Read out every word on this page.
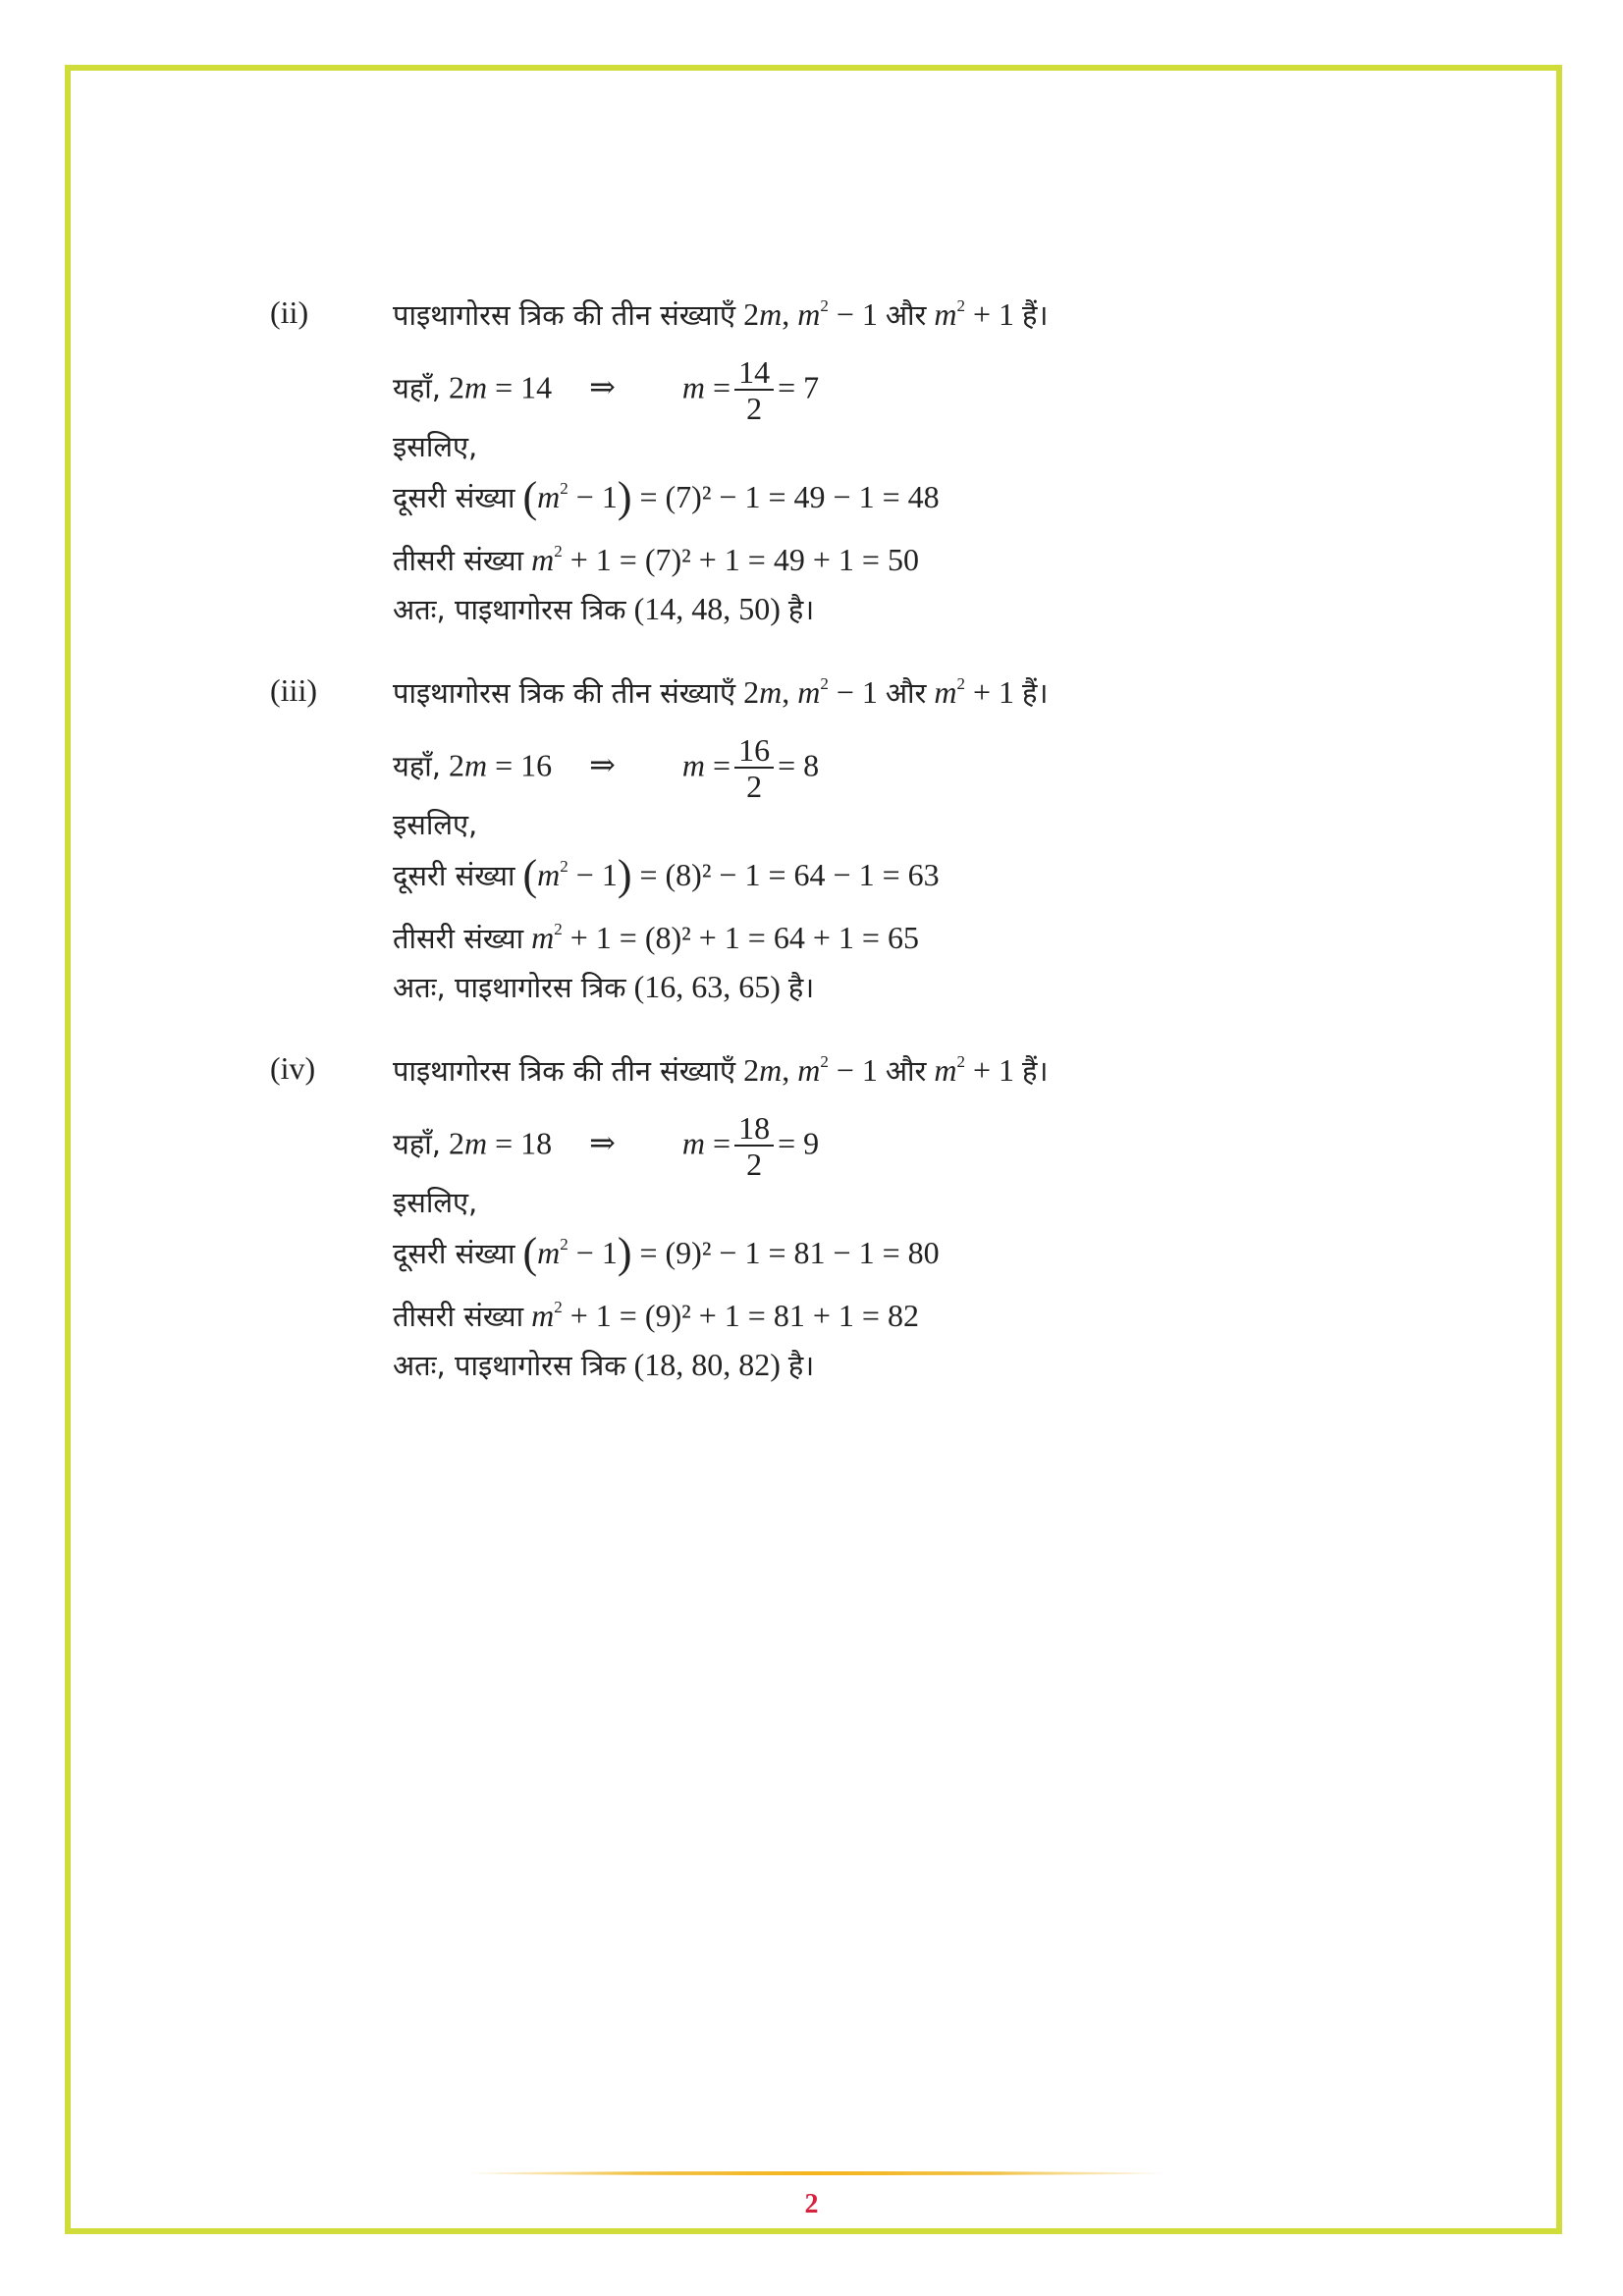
(ii)	पाइथागोरस त्रिक की तीन संख्याएँ 2m, $m^2 - 1$ और $m^2 + 1$ हैं।
यहाँ, 2m = 14 ⇒ $m = \frac{14}{2} = 7$
इसलिए,
दूसरी संख्या $(m^2 - 1) = (7)^2 - 1 = 49 - 1 = 48$
तीसरी संख्या $m^2 + 1 = (7)^2 + 1 = 49 + 1 = 50$
अतः, पाइथागोरस त्रिक (14, 48, 50) है।
(iii)	पाइथागोरस त्रिक की तीन संख्याएँ 2m, $m^2 - 1$ और $m^2 + 1$ हैं।
यहाँ, 2m = 16 ⇒ $m = \frac{16}{2} = 8$
इसलिए,
दूसरी संख्या $(m^2 - 1) = (8)^2 - 1 = 64 - 1 = 63$
तीसरी संख्या $m^2 + 1 = (8)^2 + 1 = 64 + 1 = 65$
अतः, पाइथागोरस त्रिक (16, 63, 65) है।
(iv)	पाइथागोरस त्रिक की तीन संख्याएँ 2m, $m^2 - 1$ और $m^2 + 1$ हैं।
यहाँ, 2m = 18 ⇒ $m = \frac{18}{2} = 9$
इसलिए,
दूसरी संख्या $(m^2 - 1) = (9)^2 - 1 = 81 - 1 = 80$
तीसरी संख्या $m^2 + 1 = (9)^2 + 1 = 81 + 1 = 82$
अतः, पाइथागोरस त्रिक (18, 80, 82) है।
2
